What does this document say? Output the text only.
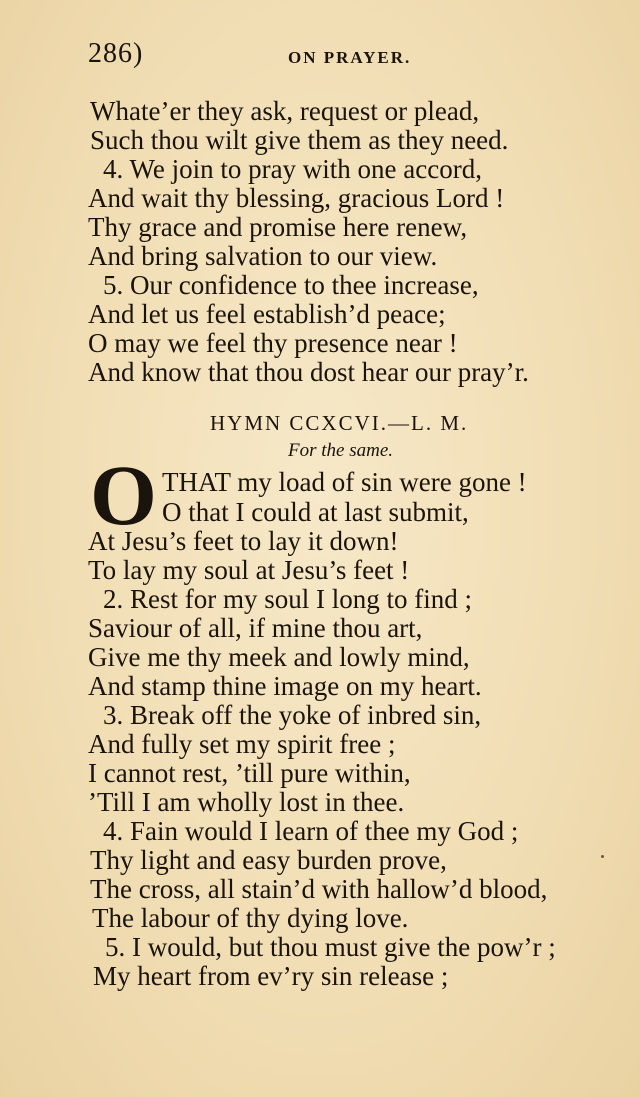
286)	ON PRAYER.
Whate’er they ask, request or plead,
Such thou wilt give them as they need.
4. We join to pray with one accord,
And wait thy blessing, gracious Lord !
Thy grace and promise here renew,
And bring salvation to our view.
5. Our confidence to thee increase,
And let us feel establish’d peace;
O may we feel thy presence near !
And know that thou dost hear our pray’r.
HYMN CCXCVI.—L. M.
For the same.
O THAT my load of sin were gone !
O that I could at last submit,
At Jesu’s feet to lay it down!
To lay my soul at Jesu’s feet !
2. Rest for my soul I long to find ;
Saviour of all, if mine thou art,
Give me thy meek and lowly mind,
And stamp thine image on my heart.
3. Break off the yoke of inbred sin,
And fully set my spirit free ;
I cannot rest, ’till pure within,
’Till I am wholly lost in thee.
4. Fain would I learn of thee my God ;
Thy light and easy burden prove,
The cross, all stain’d with hallow’d blood,
The labour of thy dying love.
5. I would, but thou must give the pow’r ;
My heart from ev’ry sin release ;
